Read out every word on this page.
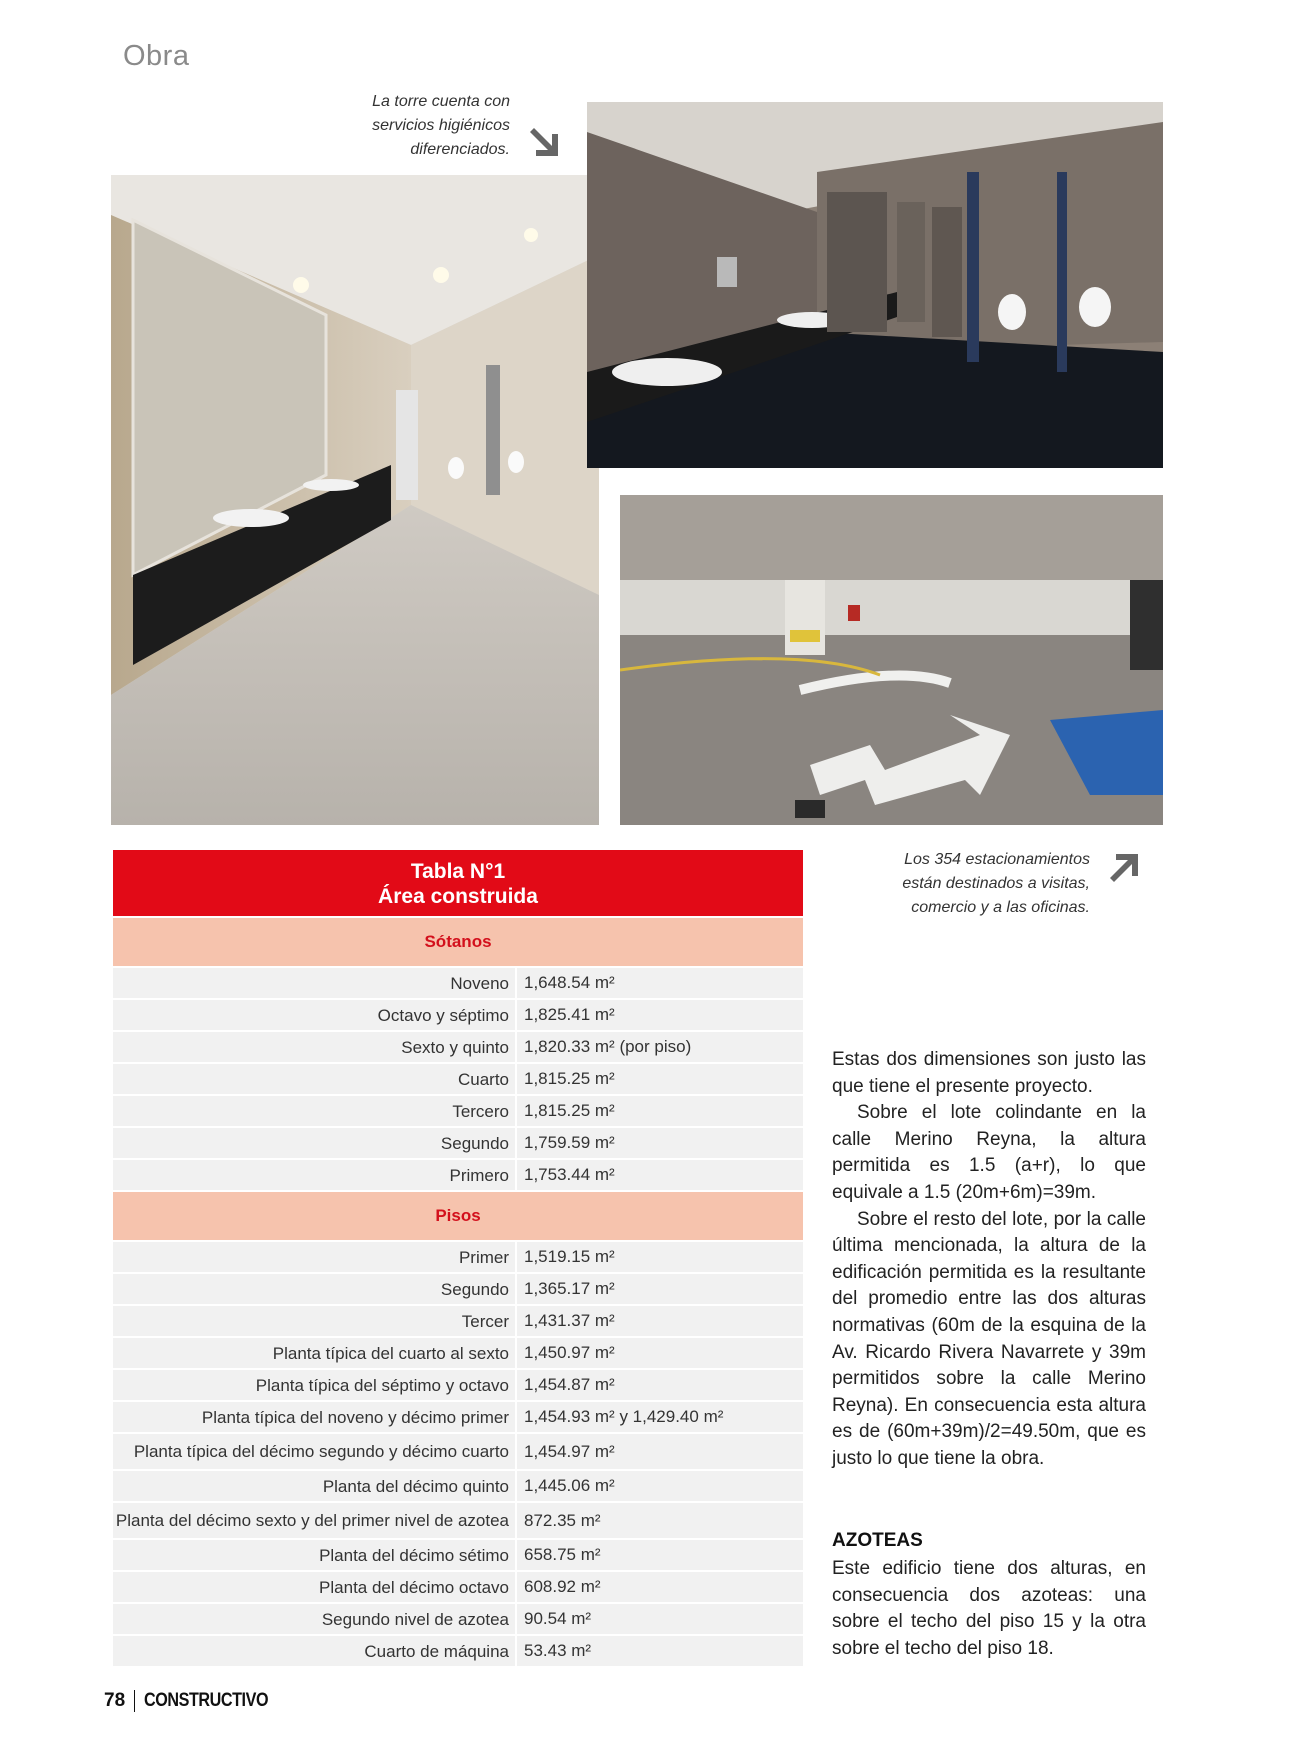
Obra
La torre cuenta con servicios higiénicos diferenciados.
Los 354 estacionamientos están destinados a visitas, comercio y a las oficinas.
Tabla N°1
Área construida
Sótanos
Noveno 1,648.54 m²
Octavo y séptimo 1,825.41 m²
Sexto y quinto 1,820.33 m² (por piso)
Cuarto 1,815.25 m²
Tercero 1,815.25 m²
Segundo 1,759.59 m²
Primero 1,753.44 m²
Pisos
Primer 1,519.15 m²
Segundo 1,365.17 m²
Tercer 1,431.37 m²
Planta típica del cuarto al sexto 1,450.97 m²
Planta típica del séptimo y octavo 1,454.87 m²
Planta típica del noveno y décimo primer 1,454.93 m² y 1,429.40 m²
Planta típica del décimo segundo y décimo cuarto 1,454.97 m²
Planta del décimo quinto 1,445.06 m²
Planta del décimo sexto y del primer nivel de azotea 872.35 m²
Planta del décimo sétimo 658.75 m²
Planta del décimo octavo 608.92 m²
Segundo nivel de azotea 90.54 m²
Cuarto de máquina 53.43 m²

Estas dos dimensiones son justo las que tiene el presente proyecto.

Sobre el lote colindante en la calle Merino Reyna, la altura permitida es 1.5 (a+r), lo que equivale a 1.5 (20m+6m)=39m.

Sobre el resto del lote, por la calle última mencionada, la altura de la edificación permitida es la resultante del promedio entre las dos alturas normativas (60m de la esquina de la Av. Ricardo Rivera Navarrete y 39m permitidos sobre la calle Merino Reyna). En consecuencia esta altura es de (60m+39m)/2=49.50m, que es justo lo que tiene la obra.

AZOTEAS

Este edificio tiene dos alturas, en consecuencia dos azoteas: una sobre el techo del piso 15 y la otra sobre el techo del piso 18.

78 CONSTRUCTIVO
